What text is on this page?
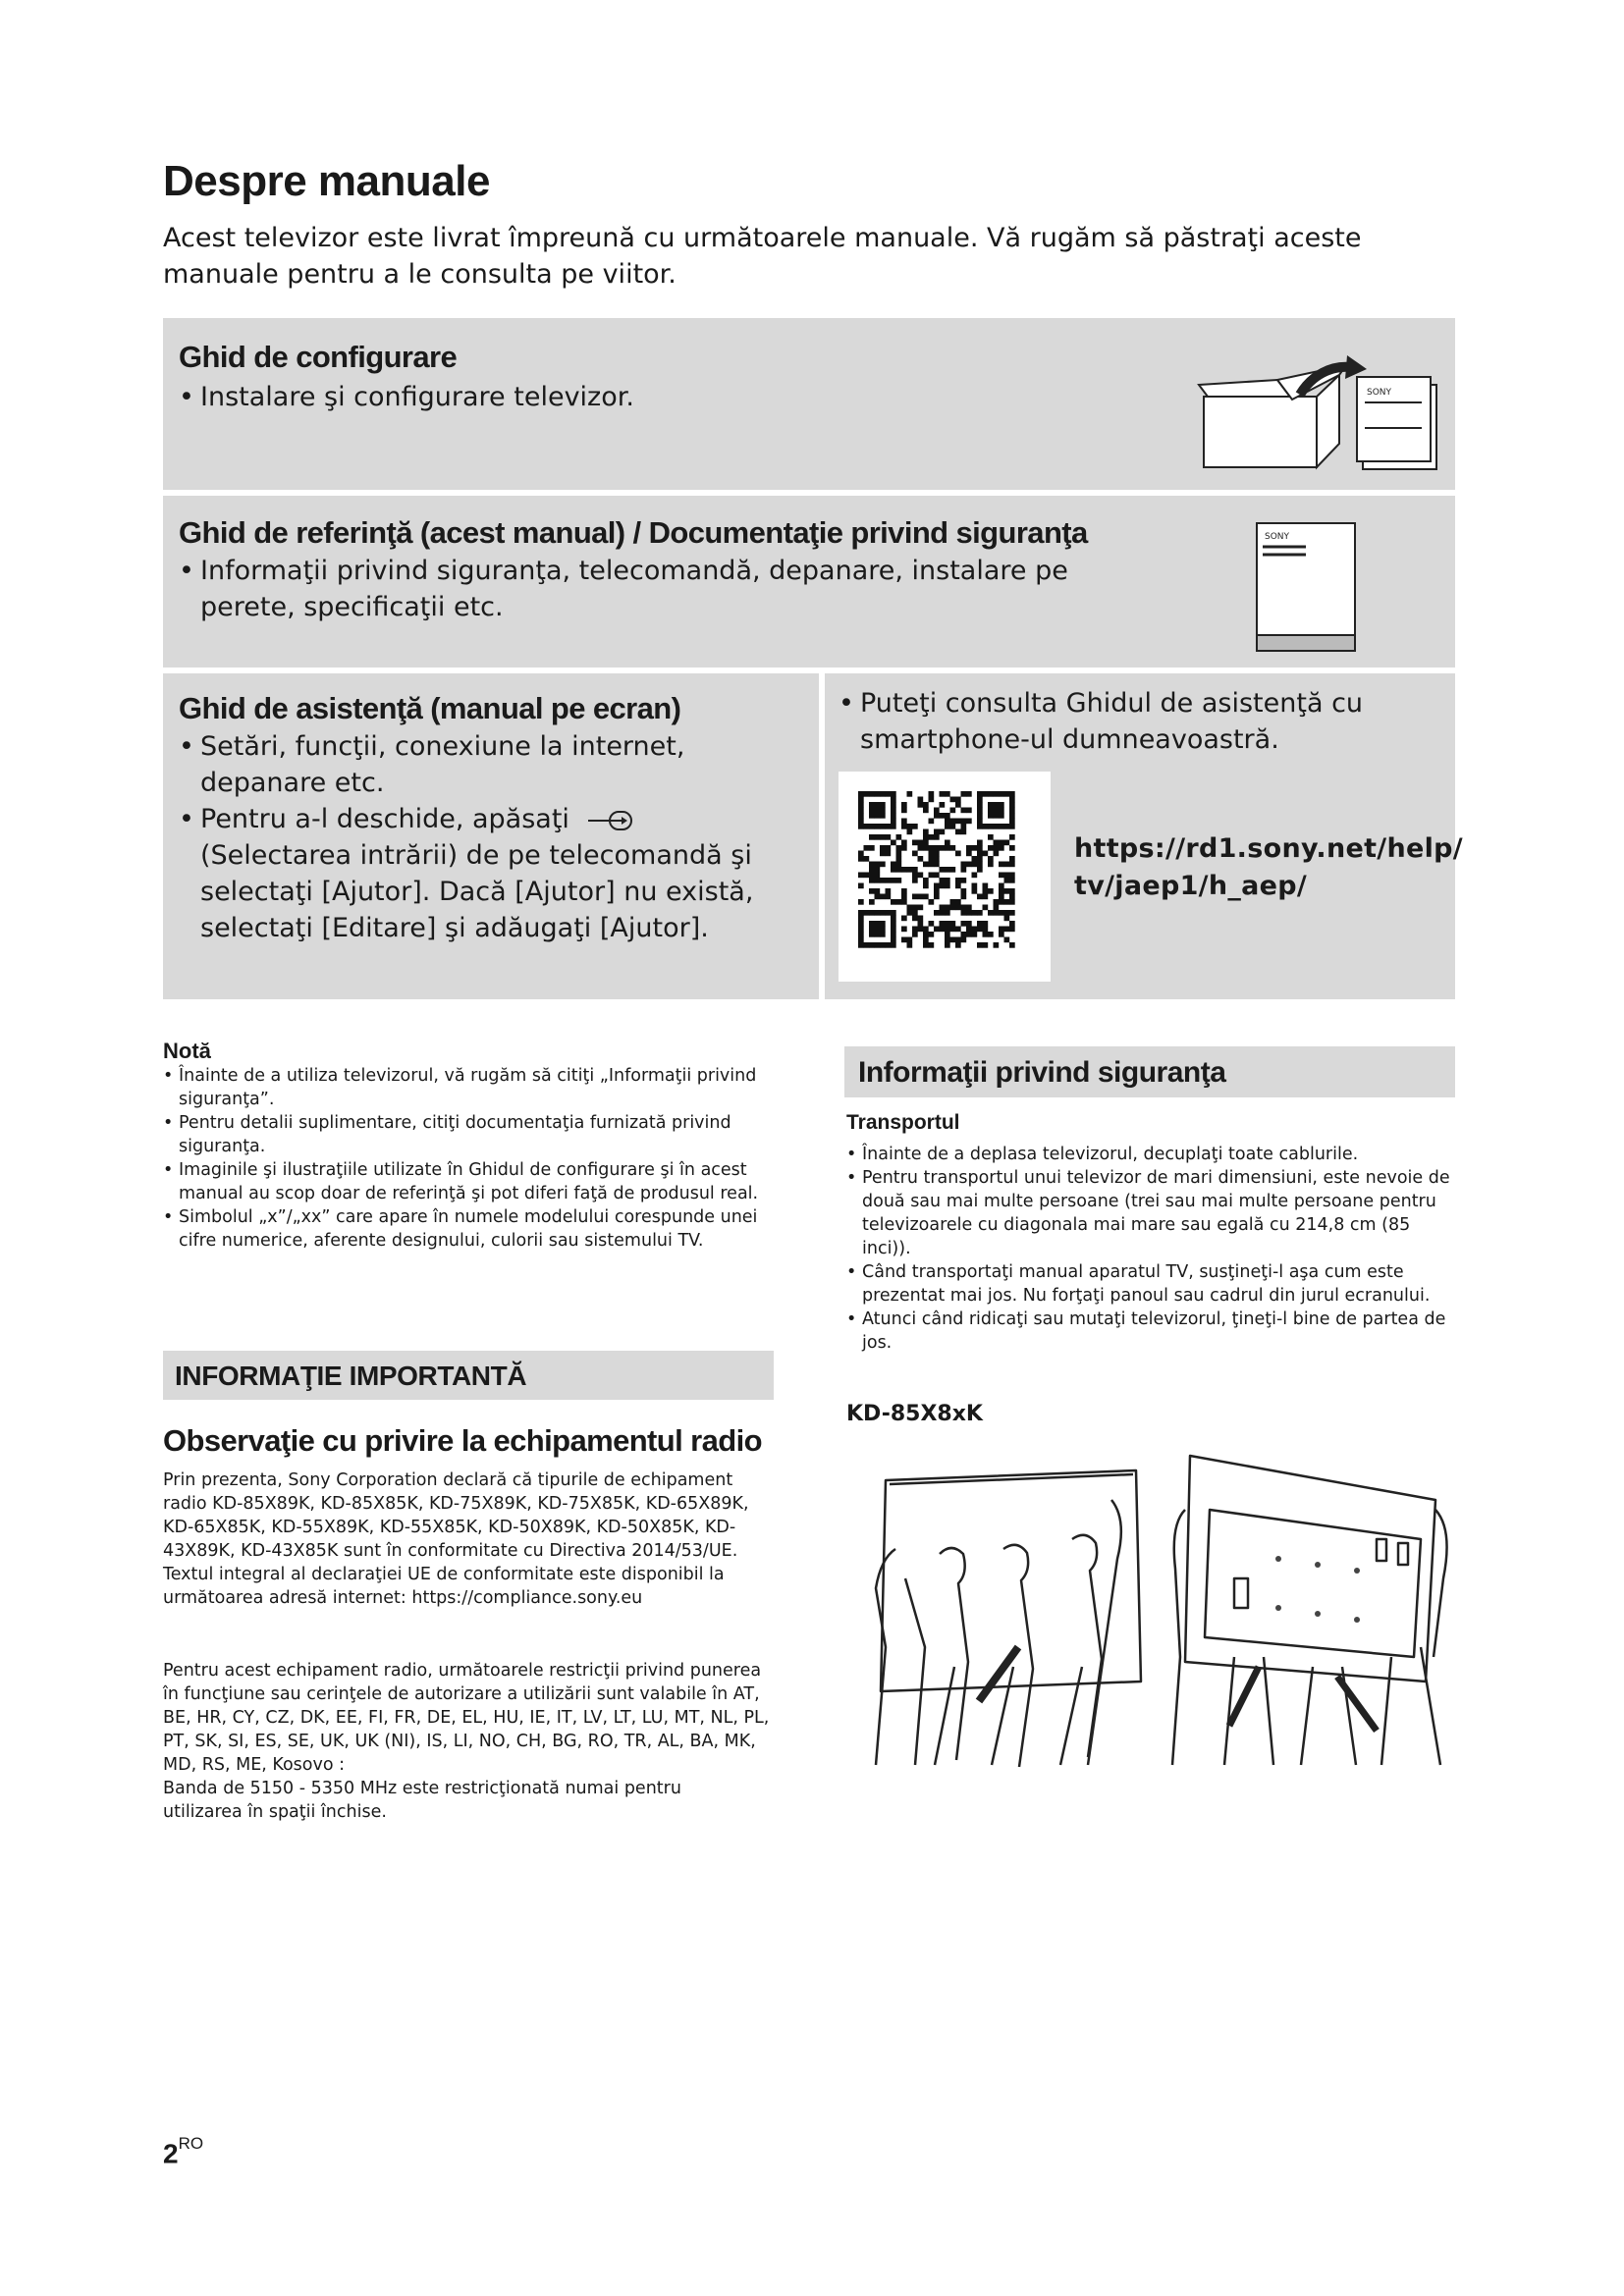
Despre manuale
Acest televizor este livrat împreună cu următoarele manuale. Vă rugăm să păstraţi aceste manuale pentru a le consulta pe viitor.
Ghid de configurare
• Instalare şi configurare televizor.	SONY
Ghid de referinţă (acest manual) / Documentaţie privind siguranţa
• Informaţii privind siguranţa, telecomandă, depanare, instalare pe perete, specificaţii etc.
SONY
Ghid de asistenţă (manual pe ecran)
• Setări, funcţii, conexiune la internet, depanare etc.
• Pentru a-l deschide, apăsaţi  (Selectarea intrării) de pe telecomandă şi selectaţi [Ajutor]. Dacă [Ajutor] nu există, selectaţi [Editare] şi adăugaţi [Ajutor].
• Puteţi consulta Ghidul de asistenţă cu smartphone-ul dumneavoastră.
https://rd1.sony.net/help/
tv/jaep1/h_aep/
Notă
• Înainte de a utiliza televizorul, vă rugăm să citiţi „Informaţii privind siguranţa”.
• Pentru detalii suplimentare, citiţi documentaţia furnizată privind siguranţa.
• Imaginile şi ilustraţiile utilizate în Ghidul de configurare şi în acest manual au scop doar de referinţă şi pot diferi faţă de produsul real.
• Simbolul „x”/„xx” care apare în numele modelului corespunde unei cifre numerice, aferente designului, culorii sau sistemului TV.
INFORMAŢIE IMPORTANTĂ
Observaţie cu privire la echipamentul radio
Prin prezenta, Sony Corporation declară că tipurile de echipament radio KD-85X89K, KD-85X85K, KD-75X89K, KD-75X85K, KD-65X89K, KD-65X85K, KD-55X89K, KD-55X85K, KD-50X89K, KD-50X85K, KD-43X89K, KD-43X85K sunt în conformitate cu Directiva 2014/53/UE. Textul integral al declaraţiei UE de conformitate este disponibil la următoarea adresă internet: https://compliance.sony.eu
Pentru acest echipament radio, următoarele restricţii privind punerea în funcţiune sau cerinţele de autorizare a utilizării sunt valabile în AT, BE, HR, CY, CZ, DK, EE, FI, FR, DE, EL, HU, IE, IT, LV, LT, LU, MT, NL, PL, PT, SK, SI, ES, SE, UK, UK (NI), IS, LI, NO, CH, BG, RO, TR, AL, BA, MK, MD, RS, ME, Kosovo :
Banda de 5150 - 5350 MHz este restricţionată numai pentru utilizarea în spaţii închise.
Informaţii privind siguranţa
Transportul
• Înainte de a deplasa televizorul, decuplaţi toate cablurile.
• Pentru transportul unui televizor de mari dimensiuni, este nevoie de două sau mai multe persoane (trei sau mai multe persoane pentru televizoarele cu diagonala mai mare sau egală cu 214,8 cm (85 inci)).
• Când transportaţi manual aparatul TV, susţineţi-l aşa cum este prezentat mai jos. Nu forţaţi panoul sau cadrul din jurul ecranului.
• Atunci când ridicaţi sau mutaţi televizorul, ţineţi-l bine de partea de jos.
KD-85X8xK
$2^{RO}$
